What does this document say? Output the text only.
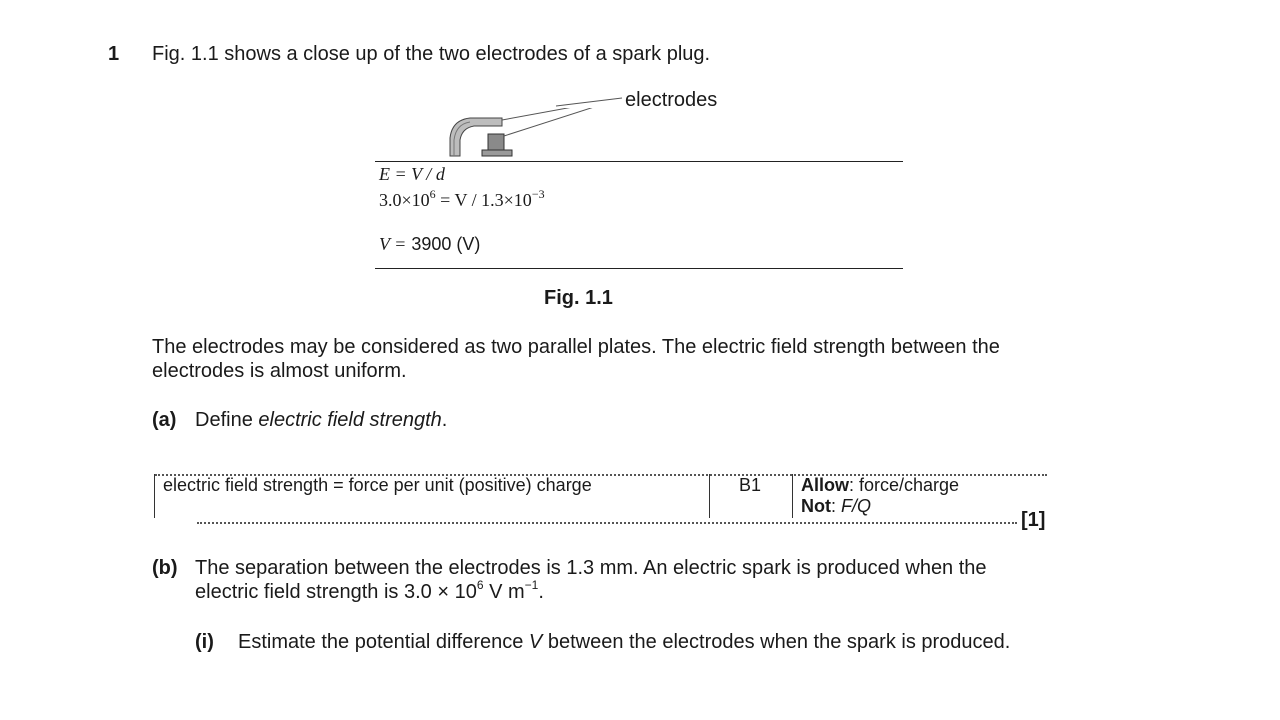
1 Fig. 1.1 shows a close up of the two electrodes of a spark plug.
electrodes
E = V / d
$3.0\times 10^6 = V / 1.3\times 10^{-3}$
V = 3900 (V)
Fig. 1.1
The electrodes may be considered as two parallel plates. The electric field strength between the
electrodes is almost uniform.
(a) Define electric field strength.
electric field strength = force per unit (positive) charge	B1 Allow: force/charge
Not: F/Q
[1]
(b) The separation between the electrodes is 1.3 mm. An electric spark is produced when the
electric field strength is $3.0 \times 10^6$ V $m^{-1}$.
(i) Estimate the potential difference V between the electrodes when the spark is produced.
